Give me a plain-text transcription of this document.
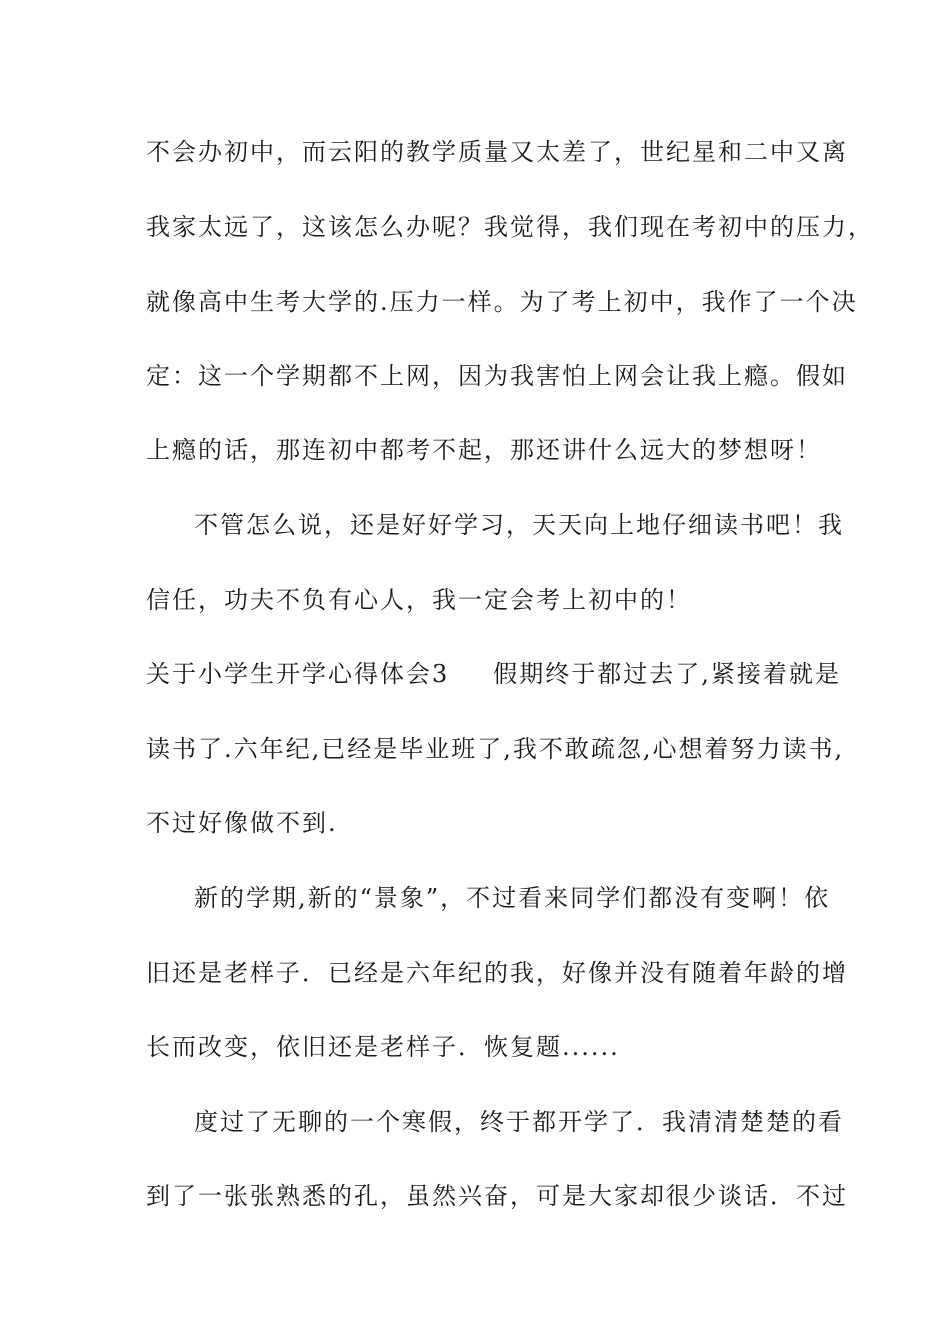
不会办初中，而云阳的教学质量又太差了，世纪星和二中又离
我家太远了，这该怎么办呢？我觉得，我们现在考初中的压力，
就像高中生考大学的.压力一样。为了考上初中，我作了一个决
定：这一个学期都不上网，因为我害怕上网会让我上瘾。假如
上瘾的话，那连初中都考不起，那还讲什么远大的梦想呀！
不管怎么说，还是好好学习，天天向上地仔细读书吧！我
信任，功夫不负有心人，我一定会考上初中的！
关于小学生开学心得体会3 假期终于都过去了,紧接着就是
读书了.六年纪,已经是毕业班了,我不敢疏忽,心想着努力读书,
不过好像做不到.
新的学期,新的“景象”，不过看来同学们都没有变啊！依
旧还是老样子．已经是六年纪的我，好像并没有随着年龄的增
长而改变，依旧还是老样子．恢复题......
度过了无聊的一个寒假，终于都开学了．我清清楚楚的看
到了一张张熟悉的孔，虽然兴奋，可是大家却很少谈话．不过
